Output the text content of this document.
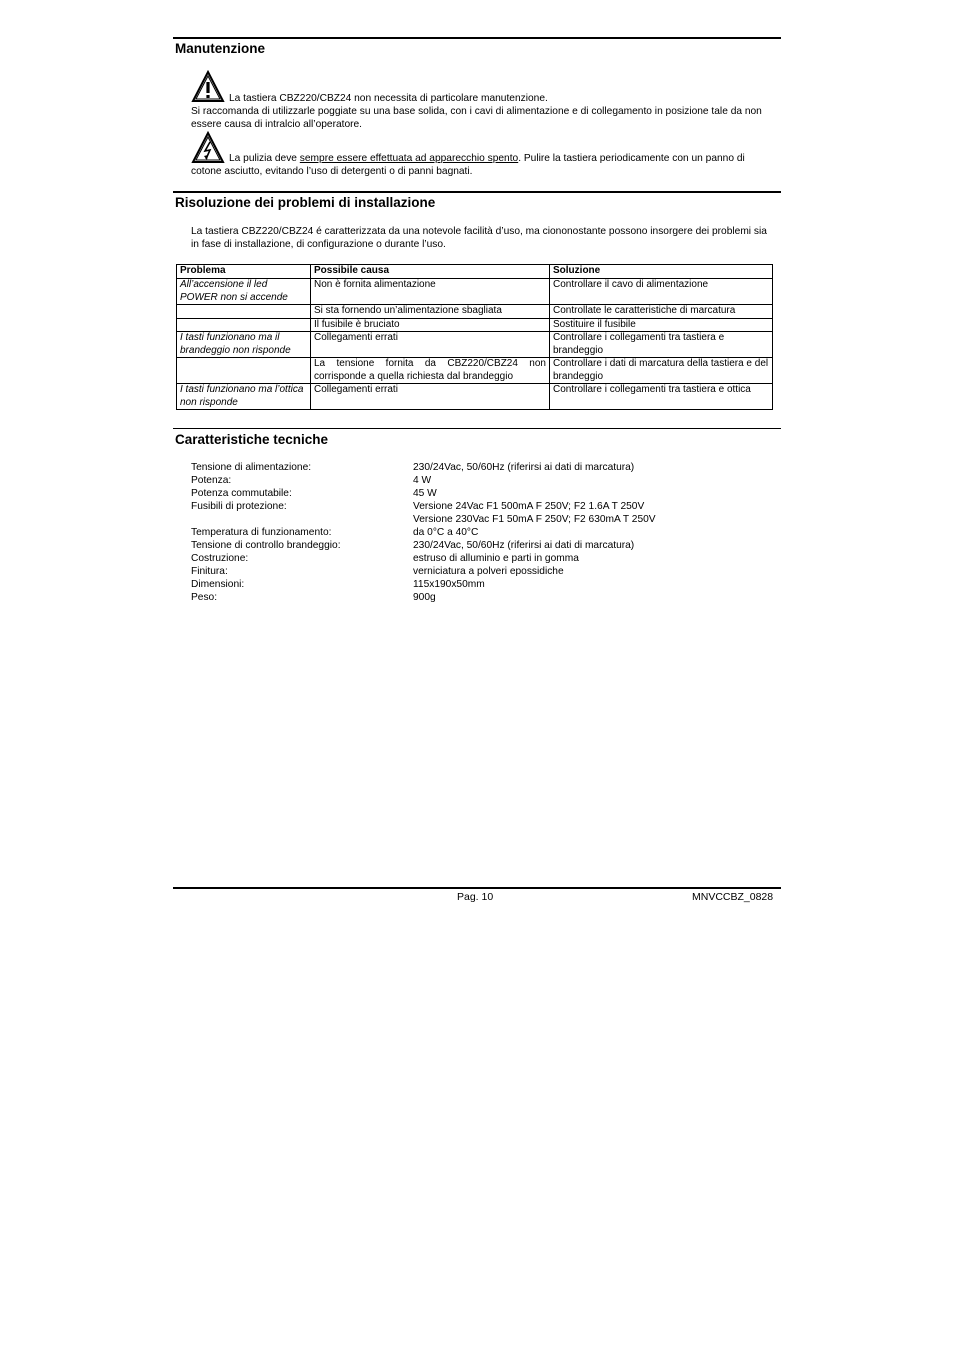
Manutenzione

La tastiera CBZ220/CBZ24 non necessita di particolare manutenzione.

Si raccomanda di utilizzarle poggiate su una base solida, con i cavi di alimentazione e di collegamento in posizione tale da non essere causa di intralcio all’operatore.

La pulizia deve sempre essere effettuata ad apparecchio spento. Pulire la tastiera periodicamente con un panno di cotone asciutto, evitando l’uso di detergenti o di panni bagnati.

Risoluzione dei problemi di installazione

La tastiera CBZ220/CBZ24 é caratterizzata da una notevole facilità d’uso, ma ciononostante possono insorgere dei problemi sia in fase di installazione, di configurazione o durante l’uso.

Problema	Possibile causa	Soluzione
All’accensione il led POWER non si accende	Non è fornita alimentazione	Controllare il cavo di alimentazione
	Si sta fornendo un’alimentazione sbagliata	Controllate le caratteristiche di marcatura
	Il fusibile è bruciato	Sostituire il fusibile
I tasti funzionano ma il brandeggio non risponde	Collegamenti errati	Controllare i collegamenti tra tastiera e brandeggio
	La tensione fornita da CBZ220/CBZ24 non corrisponde a quella richiesta dal brandeggio	Controllare i dati di marcatura della tastiera e del brandeggio
I tasti funzionano ma l’ottica non risponde	Collegamenti errati	Controllare i collegamenti tra tastiera e ottica
Caratteristiche tecniche
Tensione di alimentazione:	230/24Vac, 50/60Hz (riferirsi ai dati di marcatura)
Potenza:	4 W
Potenza commutabile:	45 W
Fusibili di protezione:	Versione 24Vac F1 500mA F 250V; F2 1.6A T 250V
Versione 230Vac F1 50mA F 250V; F2 630mA T 250V
Temperatura di funzionamento:	da 0°C a 40°C
Tensione di controllo brandeggio:	230/24Vac, 50/60Hz (riferirsi ai dati di marcatura)
Costruzione:	estruso di alluminio e parti in gomma
Finitura:	verniciatura a polveri epossidiche
Dimensioni:	115x190x50mm
Peso:	900g
Pag. 10	MNVCCBZ_0828
